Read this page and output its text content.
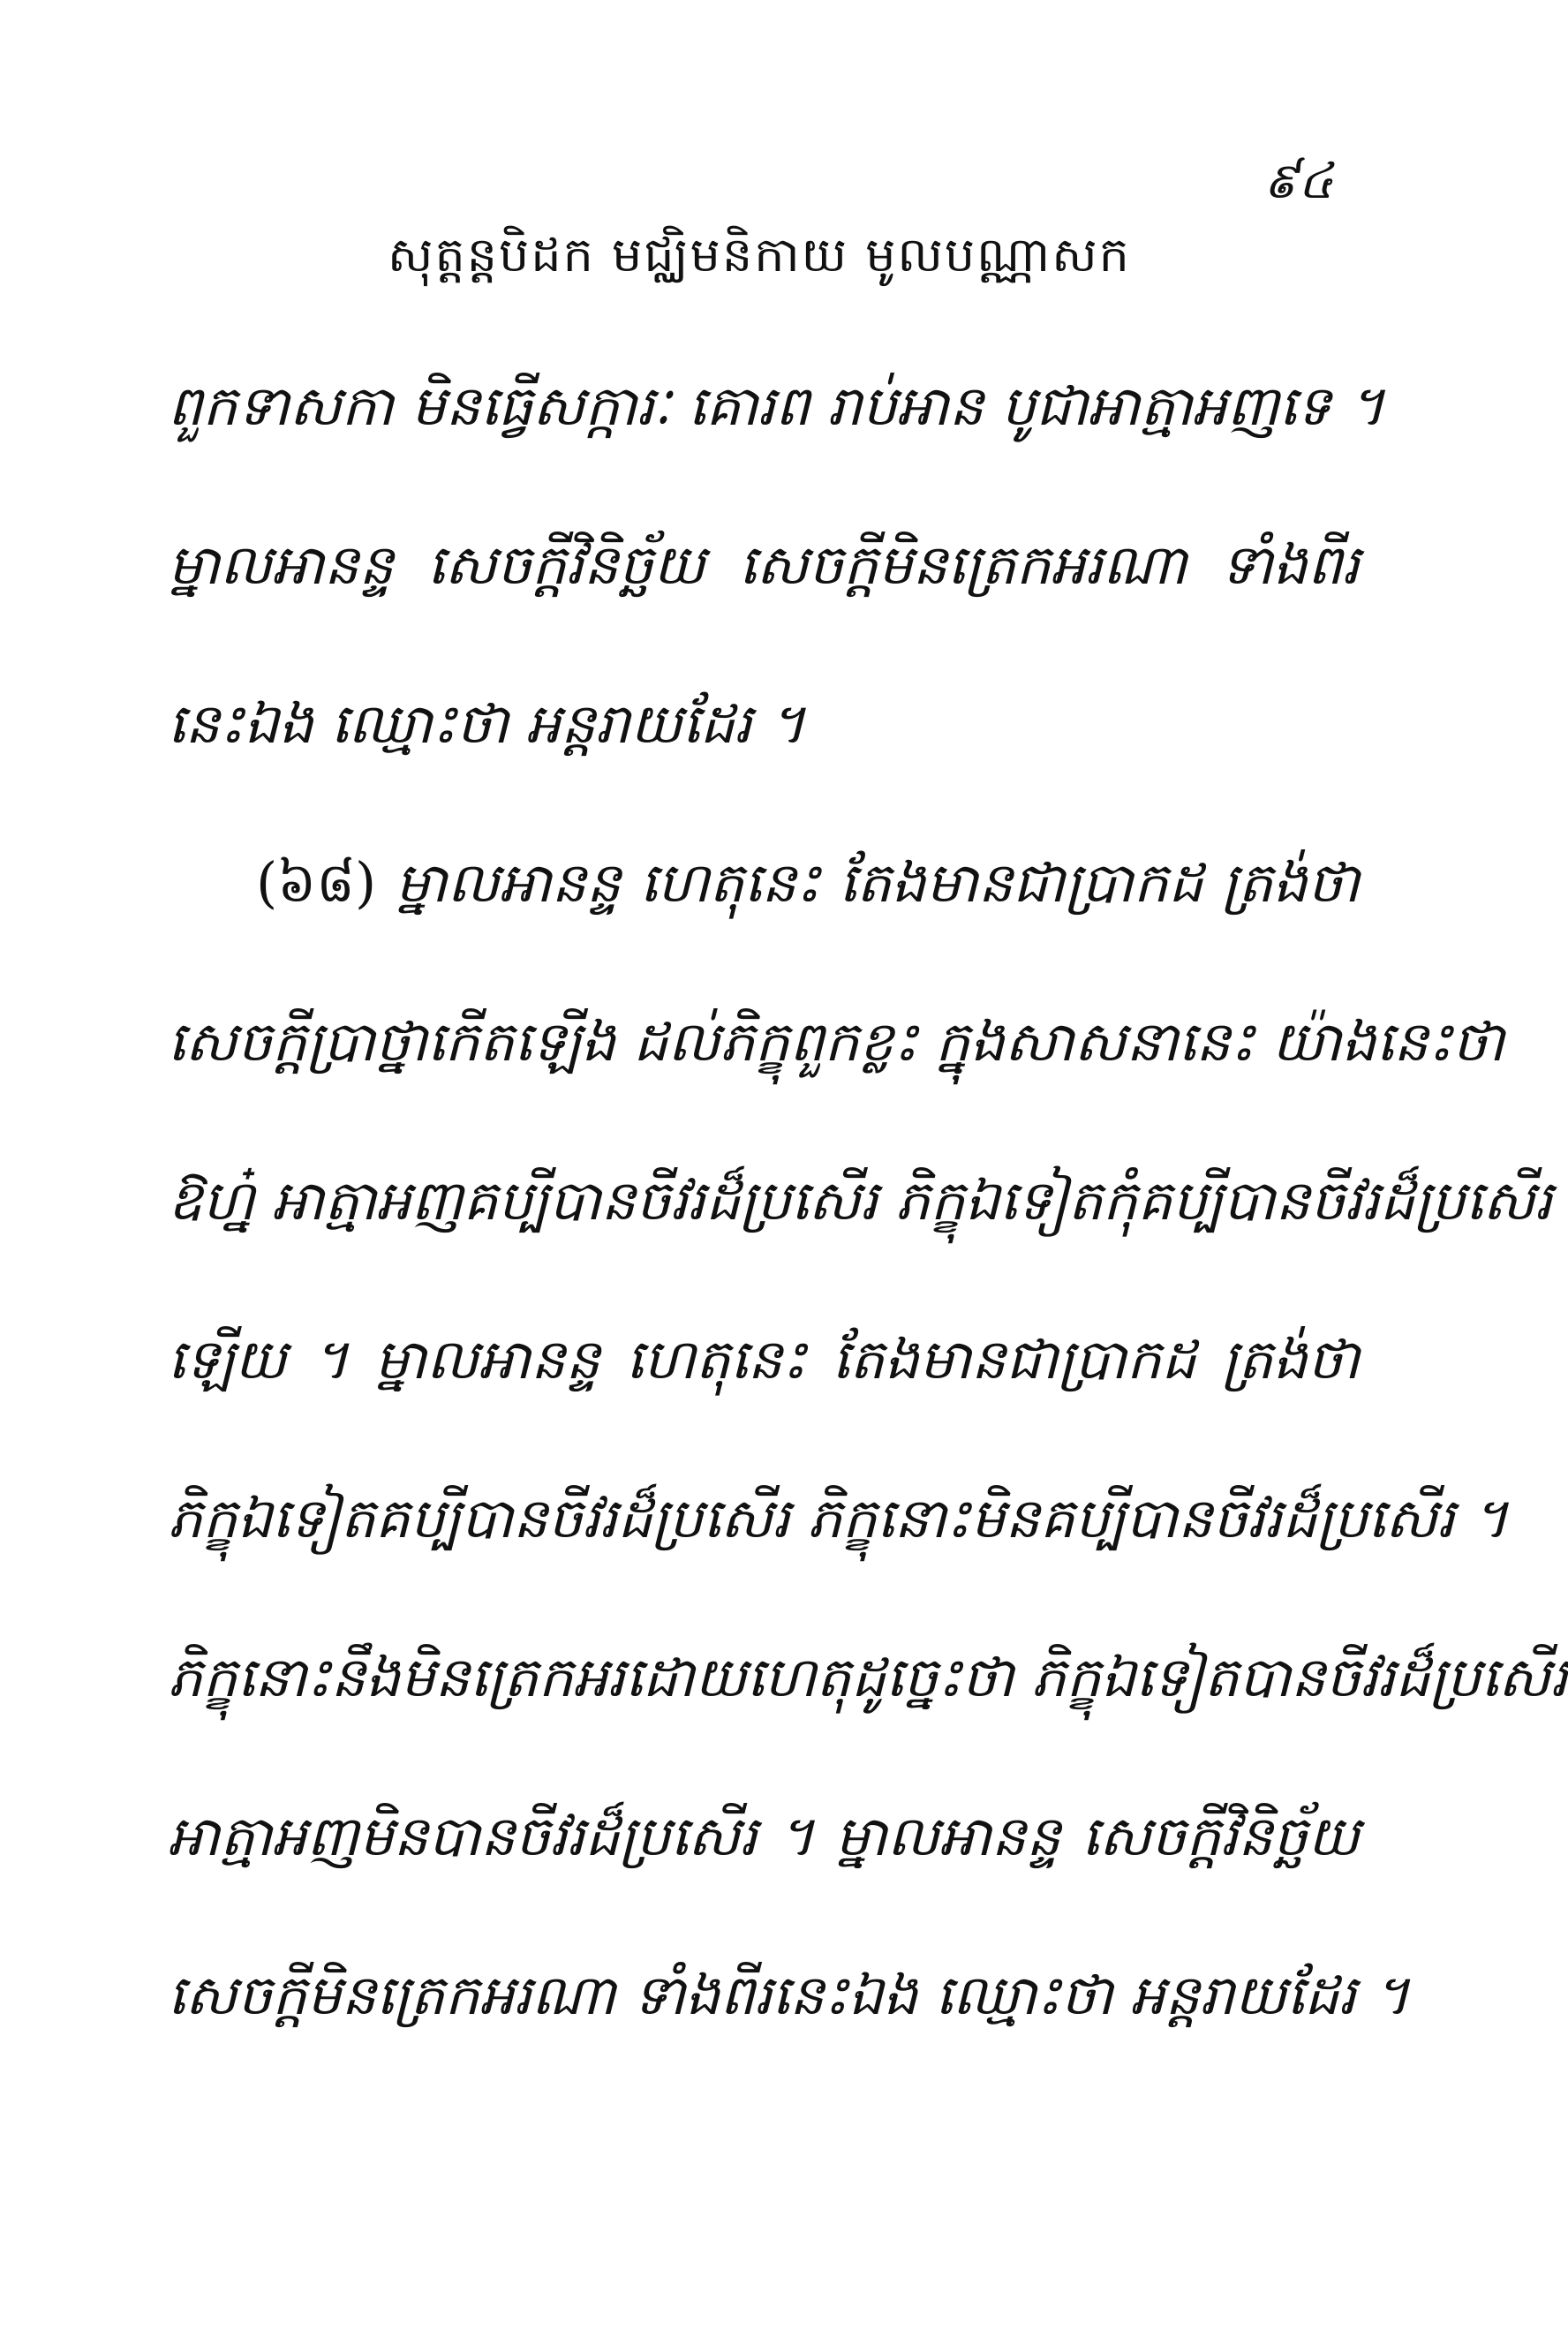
៩៤
សុត្តន្តបិដក មជ្ឈិមនិកាយ មូលបណ្ណាសក
ពួកទាសកា មិនធ្វើសក្ការៈ គោរព រាប់អាន បូជាអាត្មាអញទេ ។
ម្នាលអានន្ទ សេចក្តីវិនិច្ឆ័យ សេចក្តីមិនត្រេកអរណា ទាំងពីរ
នេះឯង ឈ្មោះថា អន្តរាយដែរ ។
(៦៨) ម្នាលអានន្ទ ហេតុនេះ តែងមានជាប្រាកដ ត្រង់ថា
សេចក្តីប្រាថ្នាកើតឡើង ដល់ភិក្ខុពួកខ្លះ ក្នុងសាសនានេះ យ៉ាងនេះថា
ឱហ្ន៎ អាត្មាអញគប្បីបានចីវរដ៏ប្រសើរ ភិក្ខុឯទៀតកុំគប្បីបានចីវរដ៏ប្រសើរ
ឡើយ ។ ម្នាលអានន្ទ ហេតុនេះ តែងមានជាប្រាកដ ត្រង់ថា
ភិក្ខុឯទៀតគប្បីបានចីវរដ៏ប្រសើរ ភិក្ខុនោះមិនគប្បីបានចីវរដ៏ប្រសើរ ។
ភិក្ខុនោះនឹងមិនត្រេកអរដោយហេតុដូច្នេះថា ភិក្ខុឯទៀតបានចីវរដ៏ប្រសើរ
អាត្មាអញមិនបានចីវរដ៏ប្រសើរ ។ ម្នាលអានន្ទ សេចក្តីវិនិច្ឆ័យ
សេចក្តីមិនត្រេកអរណា ទាំងពីរនេះឯង ឈ្មោះថា អន្តរាយដែរ ។
